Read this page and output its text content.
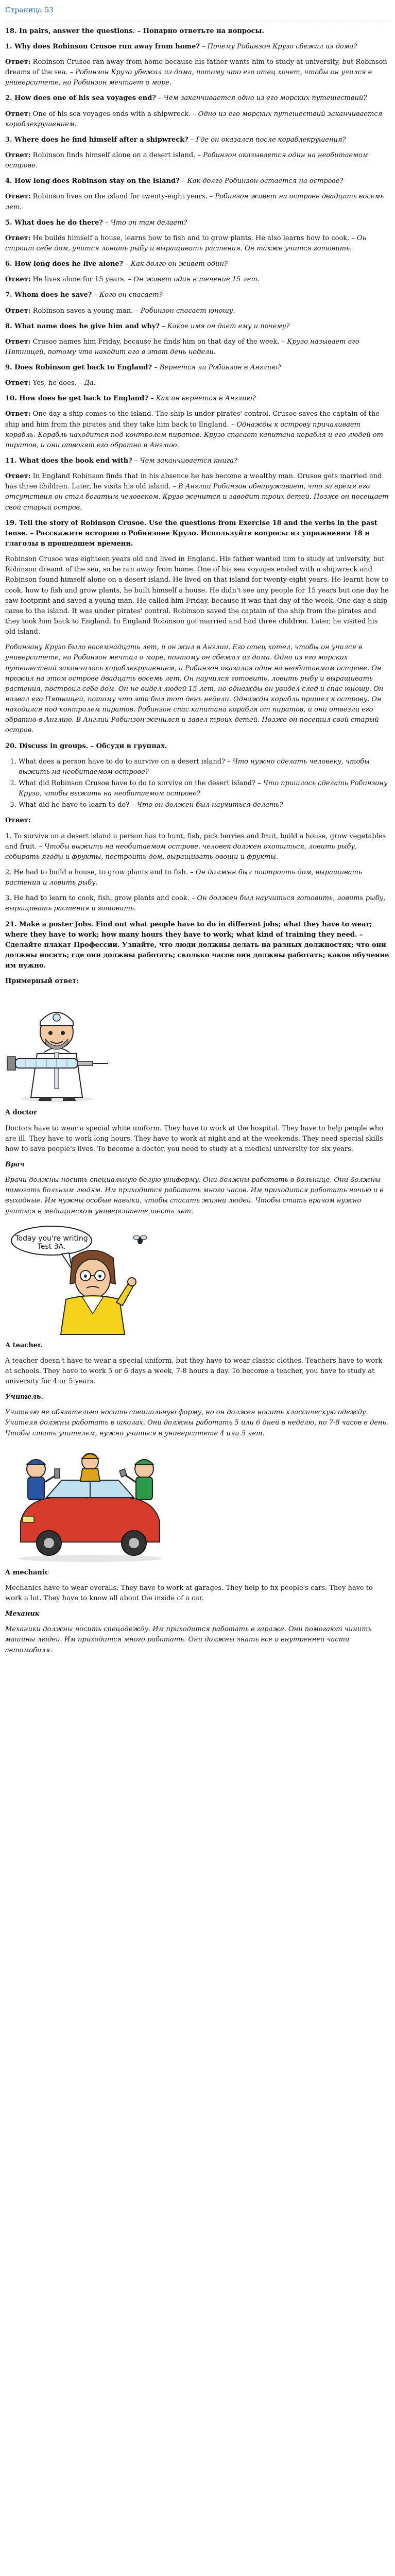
Страница 53

18. In pairs, answer the questions. – Попарно ответьте на вопросы.

1. Why does Robinson Crusoe run away from home? – Почему Робинзон Крузо сбежал из дома?

Ответ: Robinson Crusoe ran away from home because his father wants him to study at university, but Robinson dreams of the sea. – Робинзон Крузо убежал из дома, потому что его отец хочет, чтобы он учился в университете, но Робинзон мечтает о море.

2. How does one of his sea voyages end? – Чем заканчивается одно из его морских путешествий?

Ответ: One of his sea voyages ends with a shipwreck. – Одно из его морских путешествий заканчивается кораблекрушением.

3. Where does he find himself after a shipwreck? – Где он оказался после кораблекрушения?

Ответ: Robinson finds himself alone on a desert island. – Робинзон оказывается один на необитаемом острове.

4. How long does Robinson stay on the island? – Как долго Робинзон остается на острове?

Ответ: Robinson lives on the island for twenty-eight years. – Робинзон живет на острове двадцать восемь лет.

5. What does he do there? – Что он там делает?

Ответ: He builds himself a house, learns how to fish and to grow plants. He also learns how to cook. – Он строит себе дом, учится ловить рыбу и выращивать растения. Он также учится готовить.

6. How long does he live alone? – Как долго он живет один?

Ответ: He lives alone for 15 years. – Он живет один в течение 15 лет.

7. Whom does he save? – Кого он спасает?

Ответ: Robinson saves a young man. – Робинзон спасает юношу.

8. What name does he give him and why? – Какое имя он дает ему и почему?

Ответ: Crusoe names him Friday, because he finds him on that day of the week. – Крузо называет его Пятницей, потому что находит его в этот день недели.

9. Does Robinson get back to England? – Вернется ли Робинзон в Англию?

Ответ: Yes, he does. – Да.

10. How does he get back to England? – Как он вернется в Англию?

Ответ: One day a ship comes to the island. The ship is under pirates' control. Crusoe saves the captain of the ship and him from the pirates and they take him back to England. – Однажды к острову причаливает корабль. Корабль находится под контролем пиратов. Крузо спасает капитана корабля и его людей от пиратов, и они отвозят его обратно в Англию.

11. What does the book end with? – Чем заканчивается книга?

Ответ: In England Robinson finds that in his absence he has become a wealthy man. Crusoe gets married and has three children. Later, he visits his old island. – В Англии Робинзон обнаруживает, что за время его отсутствия он стал богатым человеком. Крузо женится и заводит троих детей. Позже он посещает свой старый остров.

19. Tell the story of Robinson Crusoe. Use the questions from Exercise 18 and the verbs in the past tense. – Расскажите историю о Робинзоне Крузо. Используйте вопросы из упражнения 18 и глаголы в прошедшем времени.

Robinson Crusoe was eighteen years old and lived in England. His father wanted him to study at university, but Robinson dreamt of the sea, so he ran away from home. One of his sea voyages ended with a shipwreck and Robinson found himself alone on a desert island. He lived on that island for twenty-eight years. He learnt how to cook, how to fish and grow plants, he built himself a house. He didn't see any people for 15 years but one day he saw footprint and saved a young man. He called him Friday, because it was that day of the week. One day a ship came to the island. It was under pirates' control. Robinson saved the captain of the ship from the pirates and they took him back to England. In England Robinson got married and had three children. Later, he visited his old island.

Робинзону Крузо было восемнадцать лет, и он жил в Англии. Его отец хотел, чтобы он учился в университете, но Робинзон мечтал о море, поэтому он сбежал из дома. Одно из его морских путешествий закончилось кораблекрушением, и Робинзон оказался один на необитаемом острове. Он прожил на этом острове двадцать восемь лет. Он научился готовить, ловить рыбу и выращивать растения, построил себе дом. Он не видел людей 15 лет, но однажды он увидел след и спас юношу. Он назвал его Пятницей, потому что это был тот день недели. Однажды корабль пришел к острову. Он находился под контролем пиратов. Робинзон спас капитана корабля от пиратов, и они отвезли его обратно в Англию. В Англии Робинзон женился и завел троих детей. Позже он посетил свой старый остров.

20. Discuss in groups. – Обсуди в группах.

1. What does a person have to do to survive on a desert island? – Что нужно сделать человеку, чтобы выжить на необитаемом острове?
2. What did Robinson Crusoe have to do to survive on the desert island? – Что пришлось сделать Робинзону Крузо, чтобы выжить на необитаемом острове?
3. What did he have to learn to do? – Что он должен был научиться делать?

Ответ:

1. To survive on a desert island a person has to hunt, fish, pick berries and fruit, build a house, grow vegetables and fruit. – Чтобы выжить на необитаемом острове, человек должен охотиться, ловить рыбу, собирать ягоды и фрукты, построить дом, выращивать овощи и фрукты.

2. He had to build a house, to grow plants and to fish. – Он должен был построить дом, выращивать растения и ловить рыбу.

3. He had to learn to cook, fish, grow plants and cook. – Он должен был научиться готовить, ловить рыбу, выращивать растения и готовить.

21. Make a poster Jobs. Find out what people have to do in different jobs; what they have to wear; where they have to work; how many hours they have to work; what kind of training they need. – Сделайте плакат Профессии. Узнайте, что люди должны делать на разных должностях; что они должны носить; где они должны работать; сколько часов они должны работать; какое обучение им нужно.

Примерный ответ:

A doctor

Doctors have to wear a special white uniform. They have to work at the hospital. They have to help people who are ill. They have to work long hours. They have to work at night and at the weekends. They need special skills how to save people's lives. To become a doctor, you need to study at a medical university for six years.

Врач

Врачи должны носить специальную белую униформу. Они должны работать в больнице. Они должны помогать больным людям. Им приходится работать много часов. Им приходится работать ночью и в выходные. Им нужны особые навыки, чтобы спасать жизни людей. Чтобы стать врачом нужно учиться в медицинском университете шесть лет.

Today you're writing Test 3A.

A teacher.

A teacher doesn't have to wear a special uniform, but they have to wear classic clothes. Teachers have to work at schools. They have to work 5 or 6 days a week, 7-8 hours a day. To become a teacher, you have to study at university for 4 or 5 years.

Учитель.

Учителю не обязательно носить специальную форму, но он должен носить классическую одежду. Учителя должны работать в школах. Они должны работать 5 или 6 дней в неделю, по 7-8 часов в день. Чтобы стать учителем, нужно учиться в университете 4 или 5 лет.

A mechanic

Mechanics have to wear overalls. They have to work at garages. They help to fix people's cars. They have to work a lot. They have to know all about the inside of a car.

Механик

Механики должны носить спецодежду. Им приходится работать в гараже. Они помогают чинить машины людей. Им приходится много работать. Они должны знать все о внутренней части автомобиля.
